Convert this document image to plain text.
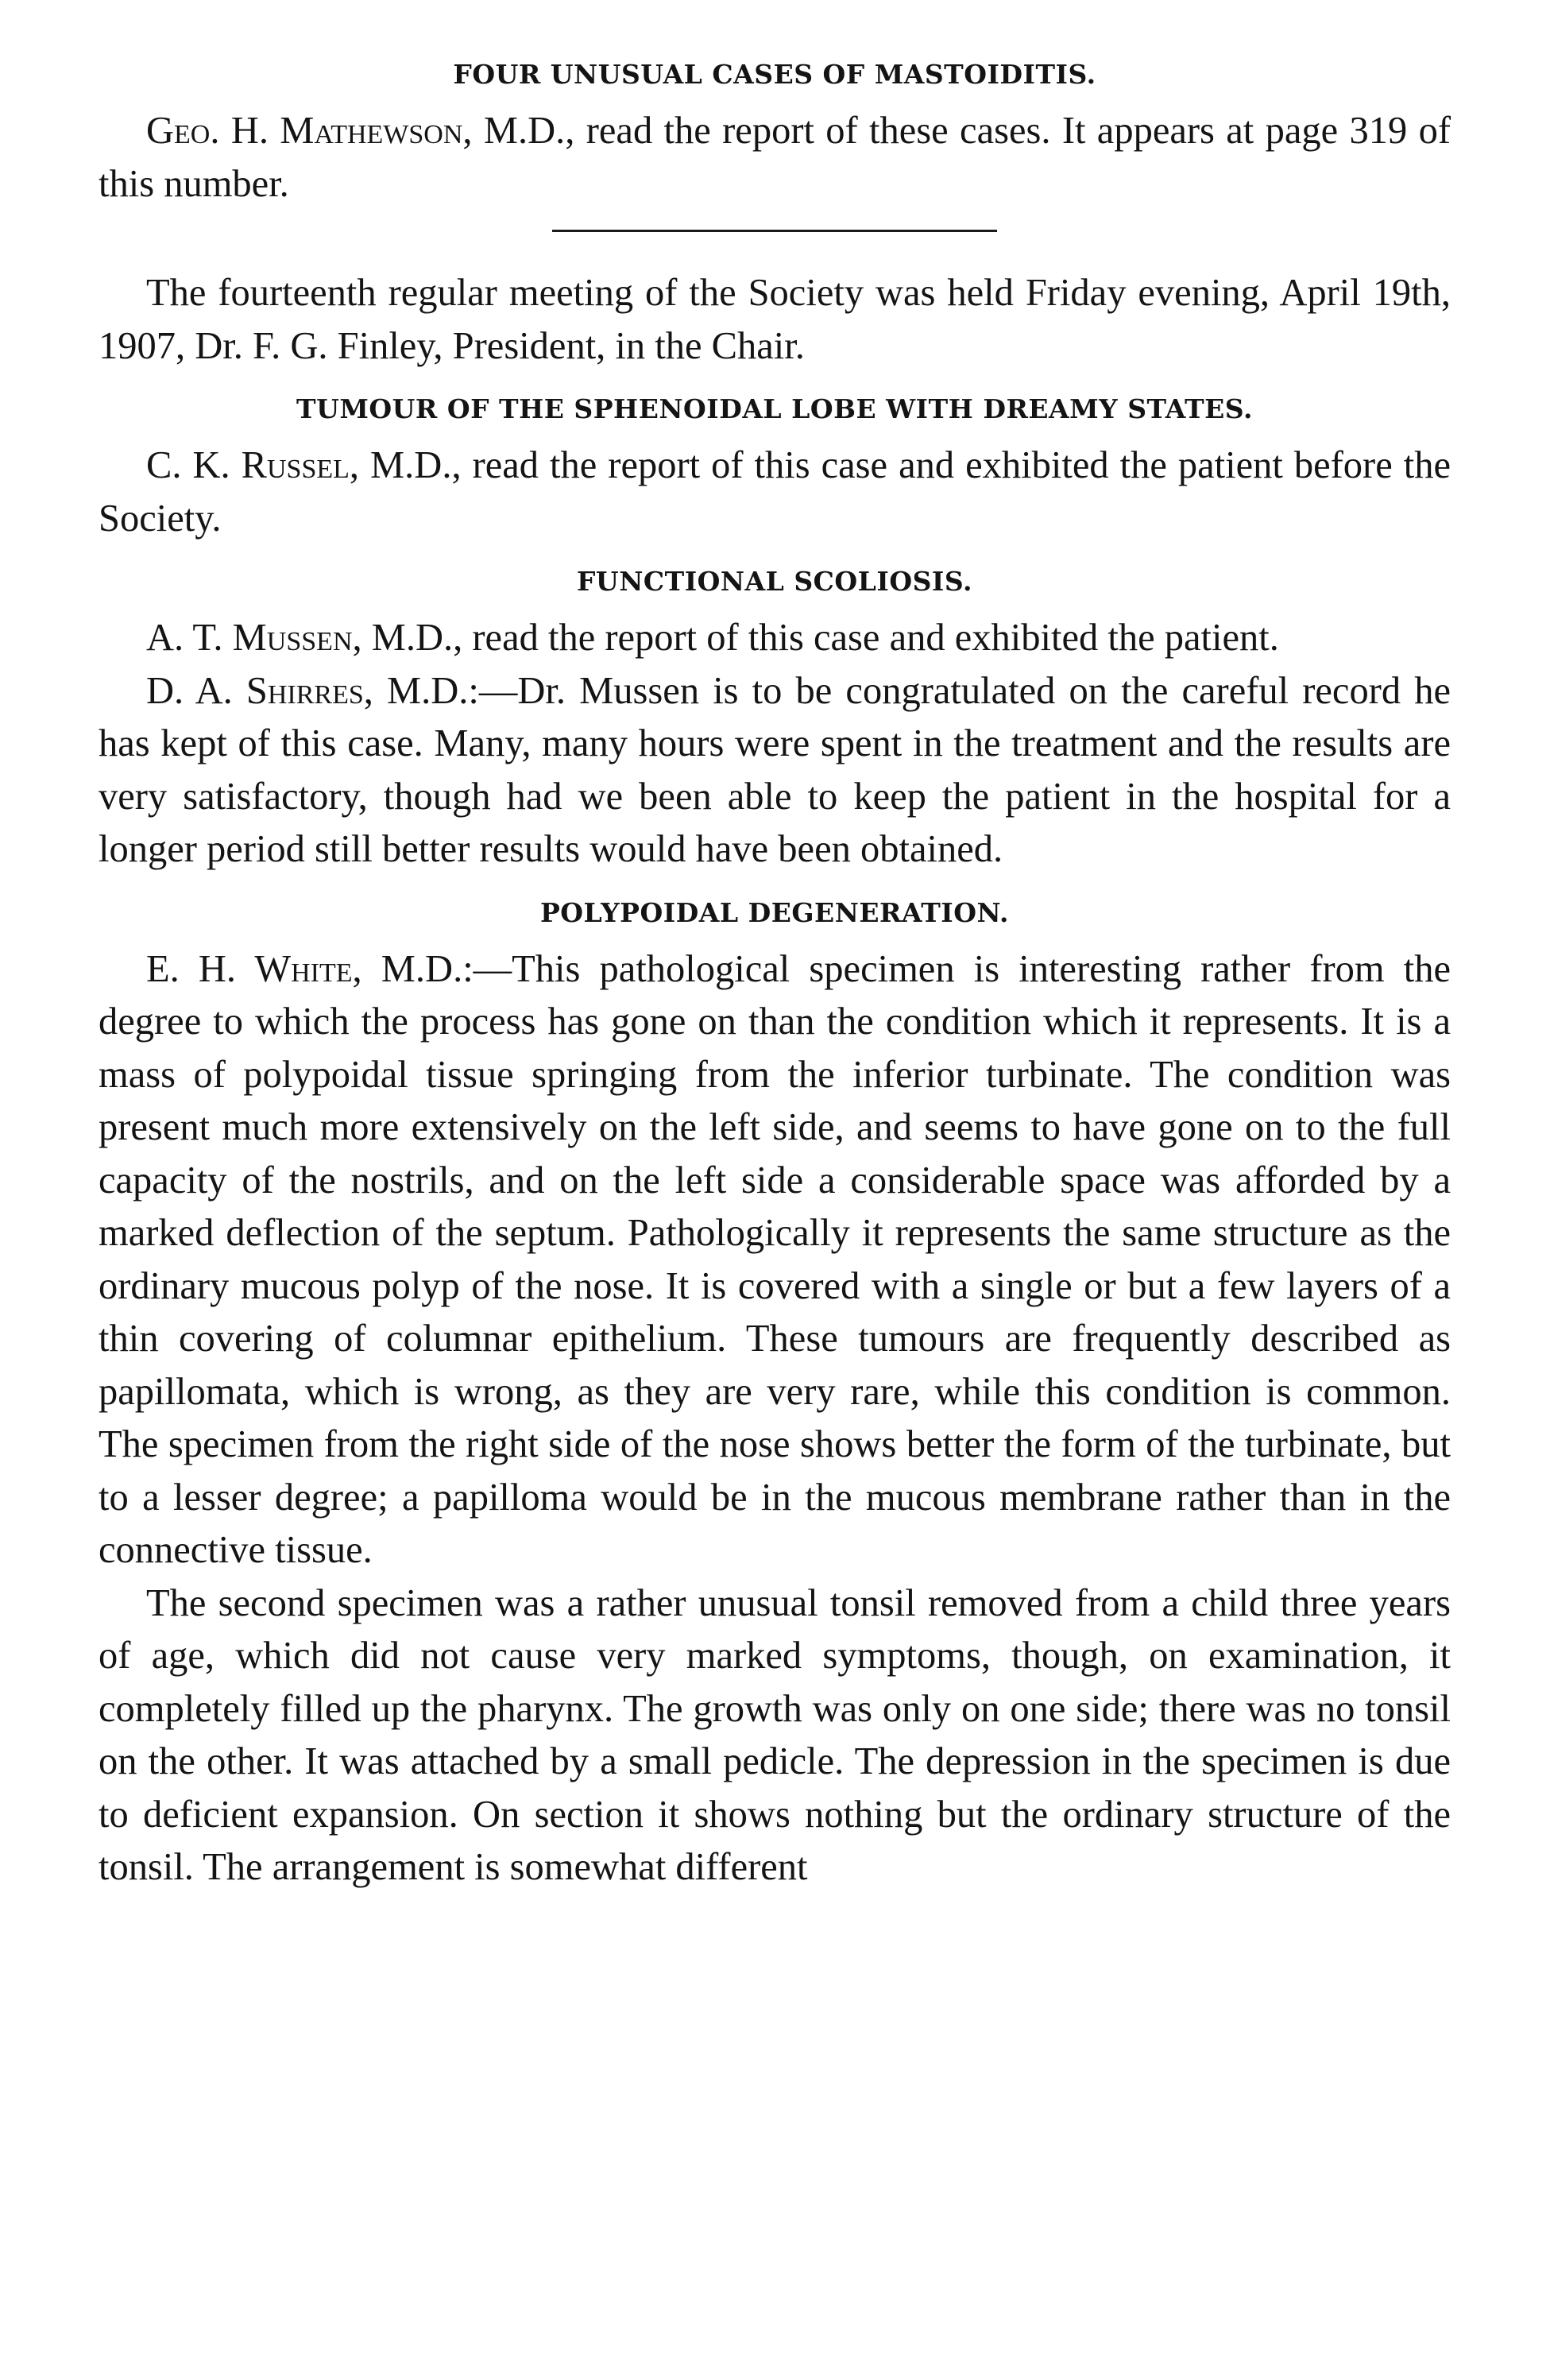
FOUR UNUSUAL CASES OF MASTOIDITIS.

Geo. H. Mathewson, M.D., read the report of these cases. It appears at page 319 of this number.

The fourteenth regular meeting of the Society was held Friday evening, April 19th, 1907, Dr. F. G. Finley, President, in the Chair.

TUMOUR OF THE SPHENOIDAL LOBE WITH DREAMY STATES.

C. K. Russel, M.D., read the report of this case and exhibited the patient before the Society.

FUNCTIONAL SCOLIOSIS.

A. T. Mussen, M.D., read the report of this case and exhibited the patient.

D. A. Shirres, M.D.:—Dr. Mussen is to be congratulated on the careful record he has kept of this case. Many, many hours were spent in the treatment and the results are very satisfactory, though had we been able to keep the patient in the hospital for a longer period still better results would have been obtained.

POLYPOIDAL DEGENERATION.

E. H. White, M.D.:—This pathological specimen is interesting rather from the degree to which the process has gone on than the condition which it represents. It is a mass of polypoidal tissue springing from the inferior turbinate. The condition was present much more extensively on the left side, and seems to have gone on to the full capacity of the nostrils, and on the left side a considerable space was afforded by a marked deflection of the septum. Pathologically it represents the same structure as the ordinary mucous polyp of the nose. It is covered with a single or but a few layers of a thin covering of columnar epithelium. These tumours are frequently described as papillomata, which is wrong, as they are very rare, while this condition is common. The specimen from the right side of the nose shows better the form of the turbinate, but to a lesser degree; a papilloma would be in the mucous membrane rather than in the connective tissue.

The second specimen was a rather unusual tonsil removed from a child three years of age, which did not cause very marked symptoms, though, on examination, it completely filled up the pharynx. The growth was only on one side; there was no tonsil on the other. It was attached by a small pedicle. The depression in the specimen is due to deficient expansion. On section it shows nothing but the ordinary structure of the tonsil. The arrangement is somewhat different
